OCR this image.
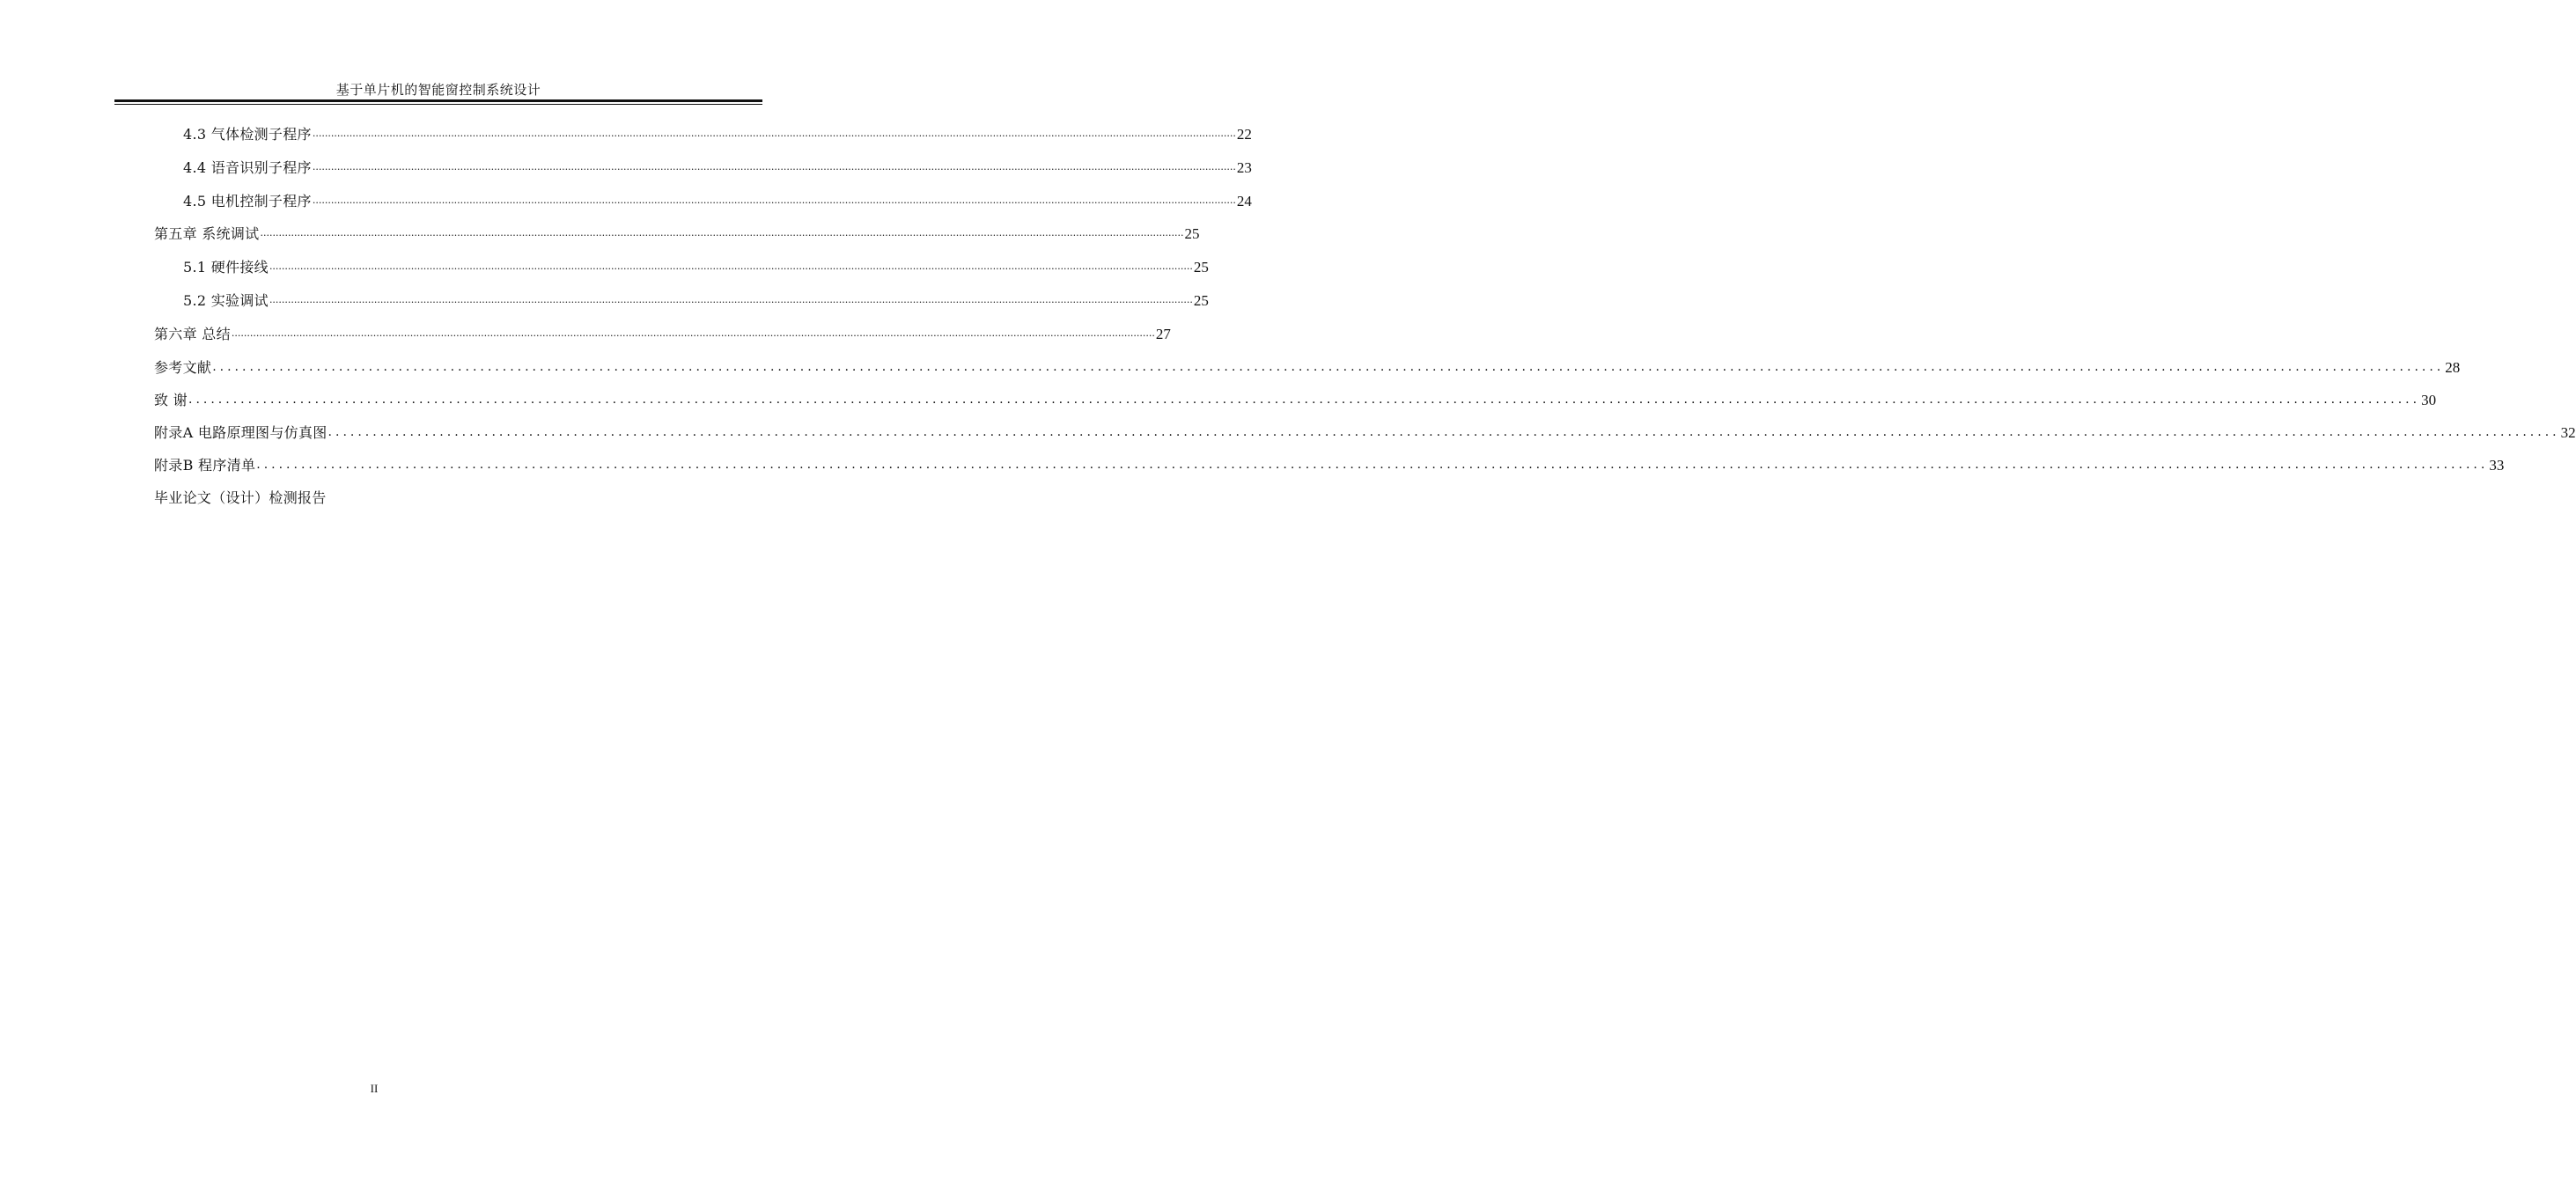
基于单片机的智能窗控制系统设计
4.3 气体检测子程序 ............................................................................................................................................................................................................................................................................................................ 22
4.4 语音识别子程序 ............................................................................................................................................................................................................................................................................................................ 23
4.5 电机控制子程序 ............................................................................................................................................................................................................................................................................................................ 24
第五章 系统调试 ............................................................................................................................................................................................................................................................................................................ 25
5.1 硬件接线 ............................................................................................................................................................................................................................................................................................................ 25
5.2 实验调试 ............................................................................................................................................................................................................................................................................................................ 25
第六章 总结 ............................................................................................................................................................................................................................................................................................................ 27
参考文献 ............................................................................................................................................................................................................................................................................................................ 28
致 谢 ............................................................................................................................................................................................................................................................................................................ 30
附录A 电路原理图与仿真图 ............................................................................................................................................................................................................................................................................................................ 32
附录B 程序清单 ............................................................................................................................................................................................................................................................................................................ 33
毕业论文（设计）检测报告
II
